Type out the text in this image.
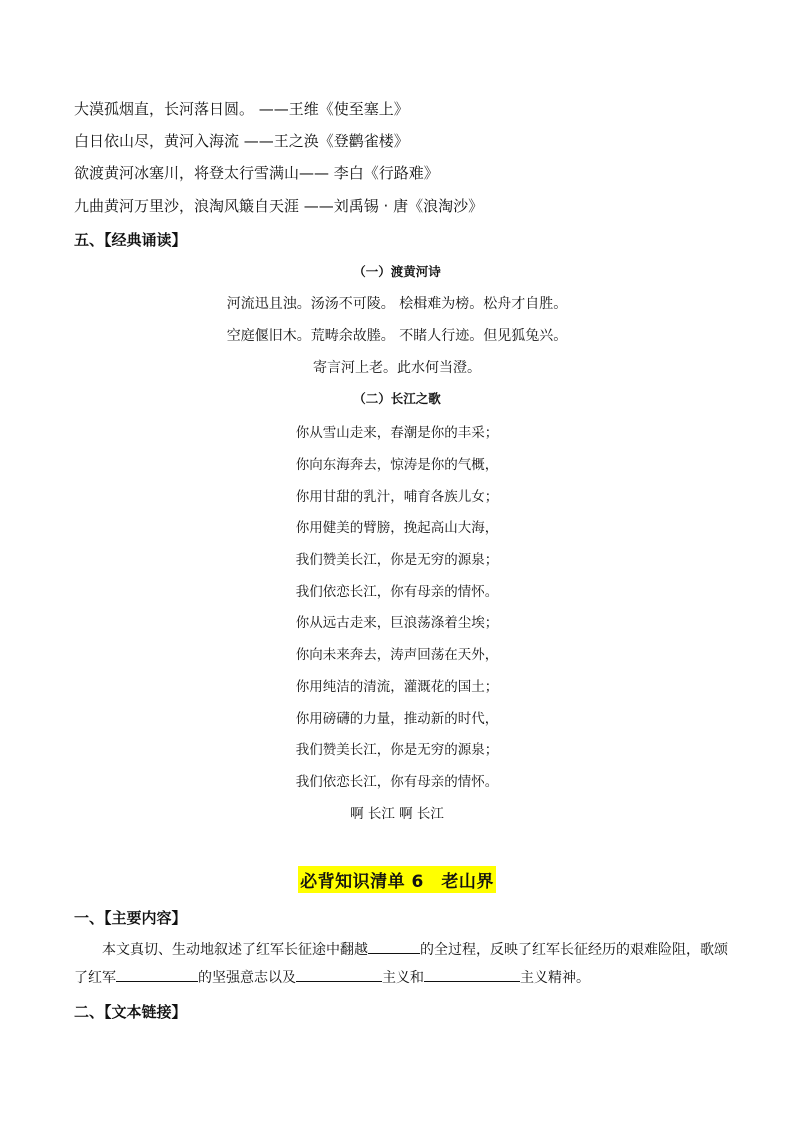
大漠孤烟直，长河落日圆。 ——王维《使至塞上》
白日依山尽，黄河入海流 ——王之涣《登鹳雀楼》
欲渡黄河冰塞川，将登太行雪满山—— 李白《行路难》
九曲黄河万里沙，浪淘风簸自天涯 ——刘禹锡 · 唐《浪淘沙》
五、【经典诵读】
（一）渡黄河诗
河流迅且浊。汤汤不可陵。 桧楫难为榜。松舟才自胜。
空庭偃旧木。荒畴余故塍。 不睹人行迹。但见狐兔兴。
寄言河上老。此水何当澄。
（二）长江之歌
你从雪山走来，春潮是你的丰采；
你向东海奔去，惊涛是你的气概，
你用甘甜的乳汁，哺育各族儿女；
你用健美的臂膀，挽起高山大海，
我们赞美长江，你是无穷的源泉；
我们依恋长江，你有母亲的情怀。
你从远古走来，巨浪荡涤着尘埃；
你向未来奔去，涛声回荡在天外，
你用纯洁的清流，灌溉花的国土；
你用磅礴的力量，推动新的时代，
我们赞美长江，你是无穷的源泉；
我们依恋长江，你有母亲的情怀。
啊 长江 啊 长江
必背知识清单 6　老山界
一、【主要内容】
本文真切、生动地叙述了红军长征途中翻越	的全过程，反映了红军长征经历的艰难险阻，歌颂了红军	的坚强意志以及	主义和	主义精神。
二、【文本链接】
